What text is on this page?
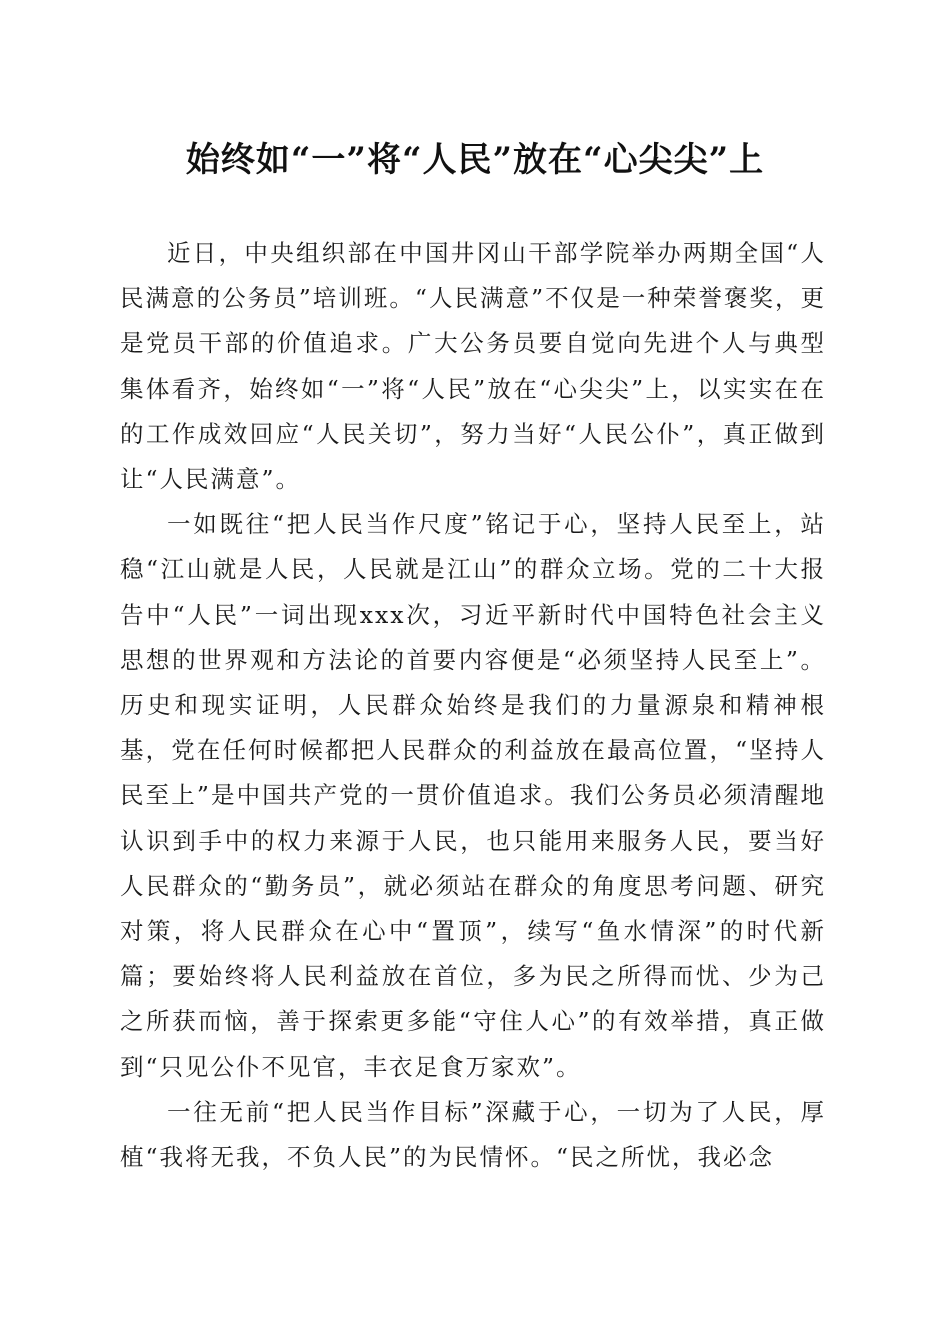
始终如“一”将“人民”放在“心尖尖”上

近日，中央组织部在中国井冈山干部学院举办两期全国“人民满意的公务员”培训班。“人民满意”不仅是一种荣誉褒奖，更是党员干部的价值追求。广大公务员要自觉向先进个人与典型集体看齐，始终如“一”将“人民”放在“心尖尖”上，以实实在在的工作成效回应“人民关切”，努力当好“人民公仆”，真正做到让“人民满意”。

一如既往“把人民当作尺度”铭记于心，坚持人民至上，站稳“江山就是人民，人民就是江山”的群众立场。党的二十大报告中“人民”一词出现xxx次，习近平新时代中国特色社会主义思想的世界观和方法论的首要内容便是“必须坚持人民至上”。历史和现实证明，人民群众始终是我们的力量源泉和精神根基，党在任何时候都把人民群众的利益放在最高位置，“坚持人民至上”是中国共产党的一贯价值追求。我们公务员必须清醒地认识到手中的权力来源于人民，也只能用来服务人民，要当好人民群众的“勤务员”，就必须站在群众的角度思考问题、研究对策，将人民群众在心中“置顶”，续写“鱼水情深”的时代新篇；要始终将人民利益放在首位，多为民之所得而忧、少为己之所获而恼，善于探索更多能“守住人心”的有效举措，真正做到“只见公仆不见官，丰衣足食万家欢”。

一往无前“把人民当作目标”深藏于心，一切为了人民，厚植“我将无我，不负人民”的为民情怀。“民之所忧，我必念
